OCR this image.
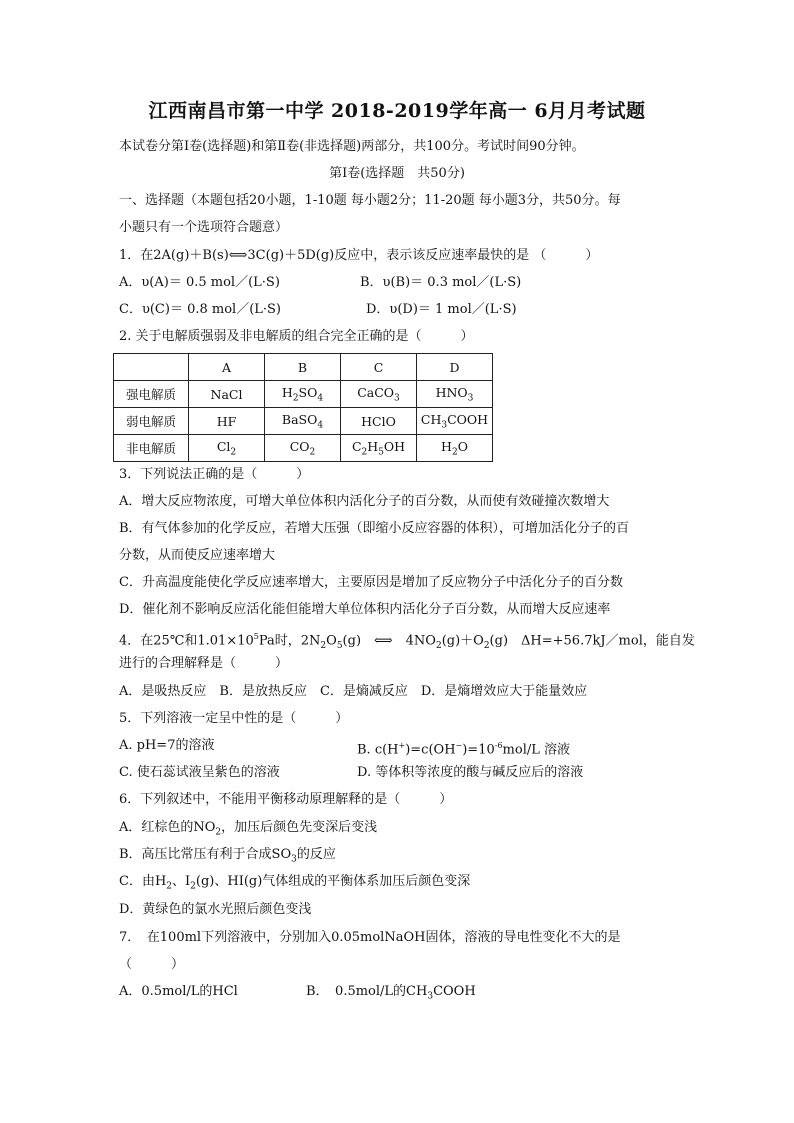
江西南昌市第一中学 2018-2019学年高一 6月月考试题
本试卷分第Ⅰ卷(选择题)和第Ⅱ卷(非选择题)两部分，共100分。考试时间90分钟。
第Ⅰ卷(选择题　共50分)
一、选择题（本题包括20小题，1-10题 每小题2分；11-20题 每小题3分，共50分。每
小题只有一个选项符合题意）
1．在2A(g)＋B(s)⟺3C(g)＋5D(g)反应中，表示该反应速率最快的是 （　　　）
A．υ(A)＝ 0.5 mol／(L·S)	B．υ(B)＝ 0.3 mol／(L·S)
C．υ(C)＝ 0.8 mol／(L·S)	D．υ(D)＝ 1 mol／(L·S)
2. 关于电解质强弱及非电解质的组合完全正确的是（　　　）
	A	B	C	D
强电解质	NaCl	$H_2SO_4$	CaCO$_3$	$HNO_3$
弱电解质	HF	BaSO$_4$	HClO	$CH_3COOH$
非电解质	$Cl_2$	$CO_2$	$C_2H_5OH$	$H_2O$
3．下列说法正确的是（　　　）
A．增大反应物浓度，可增大单位体积内活化分子的百分数，从而使有效碰撞次数增大
B．有气体参加的化学反应，若增大压强（即缩小反应容器的体积），可增加活化分子的百
分数，从而使反应速率增大
C．升高温度能使化学反应速率增大，主要原因是增加了反应物分子中活化分子的百分数
D．催化剂不影响反应活化能但能增大单位体积内活化分子百分数，从而增大反应速率
4．在25℃和$1.01\times 10^5Pa$时，$2N_2O_5(g)$　⟺　$4NO_2(g)+O_2(g)$　ΔH=+56.7kJ／mol，能自发
进行的合理解释是（　　　）
A．是吸热反应　B．是放热反应　C．是熵减反应　D．是熵增效应大于能量效应
5．下列溶液一定呈中性的是（　　　）
A. pH=7的溶液	B. $c(H^+)=c(OH^-)=10^{-6}mol/L$ 溶液
C. 使石蕊试液呈紫色的溶液	D. 等体积等浓度的酸与碱反应后的溶液
6．下列叙述中，不能用平衡移动原理解释的是（　　　）
A．红棕色的$NO_2$，加压后颜色先变深后变浅
B．高压比常压有利于合成$SO_3$的反应
C．由$H_2$、$I_2(g)$、HI(g)气体组成的平衡体系加压后颜色变深
D．黄绿色的氯水光照后颜色变浅
7．　在100ml下列溶液中，分别加入0.05molNaOH固体，溶液的导电性变化不大的是
（　　　）
A．0.5mol/L的HCl	B．　0.5mol/L的$CH_3COOH$
